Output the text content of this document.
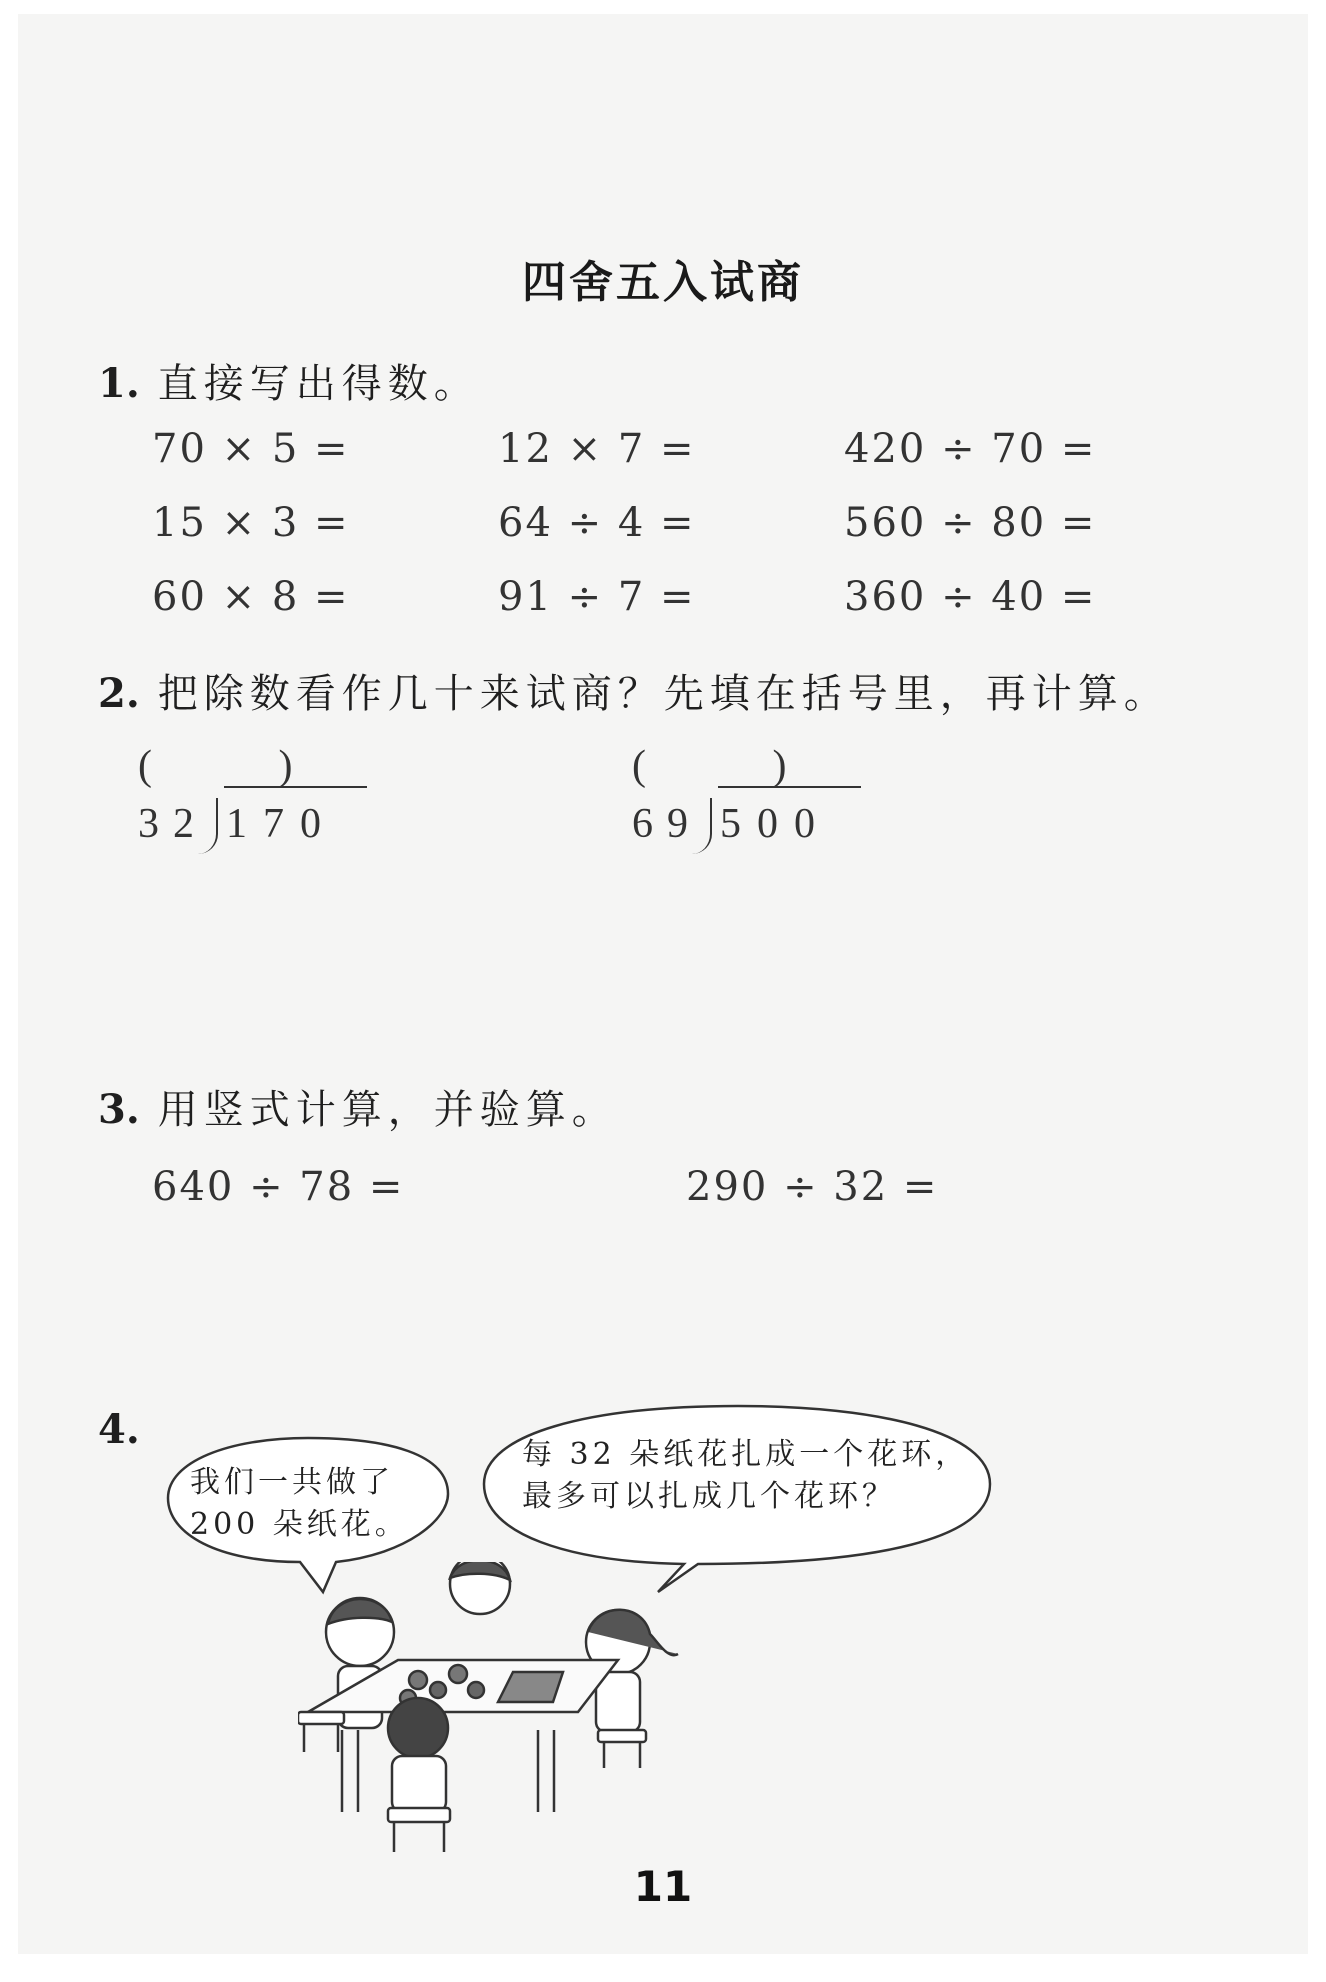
四舍五入试商
1. 直接写出得数。
70 × 5 =	12 × 7 =	420 ÷ 70 =
15 × 3 =	64 ÷ 4 =	560 ÷ 80 =
60 × 8 =	91 ÷ 7 =	360 ÷ 40 =
2. 把除数看作几十来试商？先填在括号里，再计算。
( )
32 170
( )
69 500
3. 用竖式计算，并验算。
640 ÷ 78 =	290 ÷ 32 =
4.
我们一共做了
200 朵纸花。
每 32 朵纸花扎成一个花环，
最多可以扎成几个花环？
11
